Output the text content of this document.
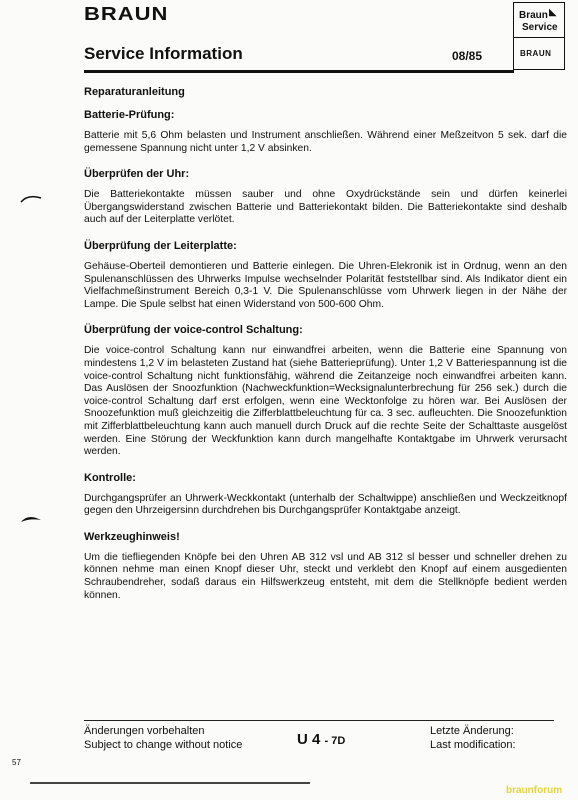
BRAUN
Service Information	08/85
Braun ◣
Service
BRAUN
Reparaturanleitung
Batterie-Prüfung:
Batterie mit 5,6 Ohm belasten und Instrument anschließen. Während einer Meßzeitvon 5 sek. darf die gemessene Spannung nicht unter 1,2 V absinken.
Überprüfen der Uhr:
Die Batteriekontakte müssen sauber und ohne Oxydrückstände sein und dürfen keinerlei Übergangswiderstand zwischen Batterie und Batteriekontakt bilden. Die Batteriekontakte sind deshalb auch auf der Leiterplatte verlötet.
Überprüfung der Leiterplatte:
Gehäuse-Oberteil demontieren und Batterie einlegen. Die Uhren-Elekronik ist in Ordnug, wenn an den Spulenanschlüssen des Uhrwerks Impulse wechselnder Polarität feststellbar sind. Als Indikator dient ein Vielfachmeßinstrument Bereich 0,3-1 V. Die Spulenanschlüsse vom Uhrwerk liegen in der Nähe der Lampe. Die Spule selbst hat einen Widerstand von 500-600 Ohm.
Überprüfung der voice-control Schaltung:
Die voice-control Schaltung kann nur einwandfrei arbeiten, wenn die Batterie eine Spannung von mindestens 1,2 V im belasteten Zustand hat (siehe Batterieprüfung). Unter 1,2 V Batteriespannung ist die voice-control Schaltung nicht funktionsfähig, während die Zeitanzeige noch einwandfrei arbeiten kann. Das Auslösen der Snoozfunktion (Nachweckfunktion=Wecksignalunterbrechung für 256 sek.) durch die voice-control Schaltung darf erst erfolgen, wenn eine Wecktonfolge zu hören war. Bei Auslösen der Snoozefunktion muß gleichzeitig die Zifferblattbeleuchtung für ca. 3 sec. aufleuchten. Die Snoozefunktion mit Zifferblattbeleuchtung kann auch manuell durch Druck auf die rechte Seite der Schalttaste ausgelöst werden. Eine Störung der Weckfunktion kann durch mangelhafte Kontaktgabe im Uhrwerk verursacht werden.
Kontrolle:
Durchgangsprüfer an Uhrwerk-Weckkontakt (unterhalb der Schaltwippe) anschließen und Weckzeitknopf gegen den Uhrzeigersinn durchdrehen bis Durchgangsprüfer Kontaktgabe anzeigt.
Werkzeughinweis!
Um die tiefliegenden Knöpfe bei den Uhren AB 312 vsl und AB 312 sl besser und schneller drehen zu können nehme man einen Knopf dieser Uhr, steckt und verklebt den Knopf auf einem ausgedienten Schraubendreher, sodaß daraus ein Hilfswerkzeug entsteht, mit dem die Stellknöpfe bedient werden können.
Änderungen vorbehalten
Subject to change without notice	U 4 - 7D
Letzte Änderung:
Last modification:
57
braunforum
